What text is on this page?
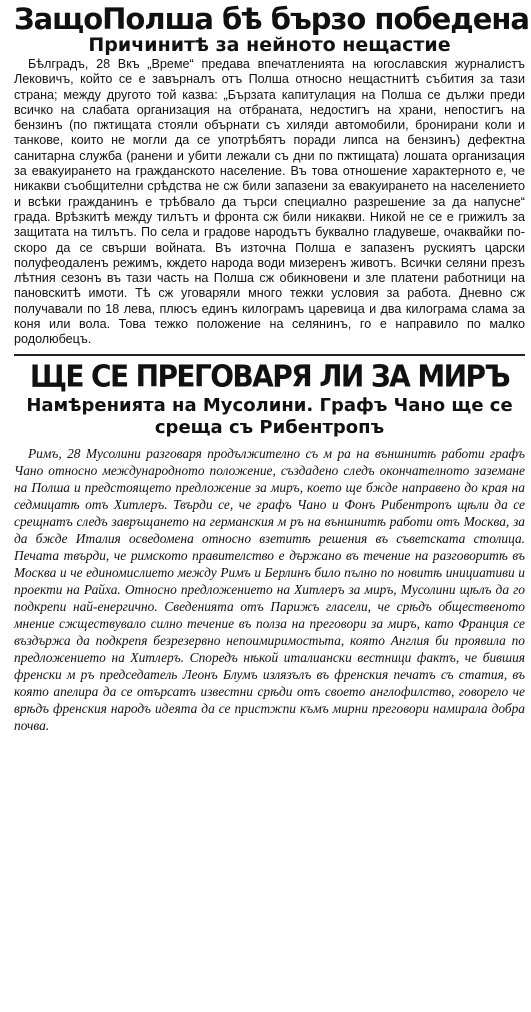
ЗащоПолша бѣ бързо победена
Причинитѣ за нейното нещастие
Бѣлградъ, 28 Вкъ „Време“ предава впечатленията на югославския журналистъ Лековичъ, който се е завърналъ отъ Полша относно нещастнитѣ събития за тази страна; между другото той казва: „Бързата капитулация на Полша се дължи преди всичко на слабата организация на отбраната, недостигъ на храни, непостигъ на бензинъ (по пжтищата стояли обърнати съ хиляди автомобили, бронирани коли и танкове, които не могли да се употрѣбятъ поради липса на бензинъ) дефектна санитарна служба (ранени и убити лежали съ дни по пжтищата) лошата организация за евакуирането на гражданското население. Въ това отношение характерното е, че никакви съобщителни срѣдства не сж били запазени за евакуирането на населението и всѣки гражданинъ е трѣбвало да търси специално разрешение за да напусне“ града. Врѣзкитѣ между тилътъ и фронта сж били никакви. Никой не се е грижилъ за защитата на тилътъ. По села и градове народътъ буквално гладувеше, очаквайки по-скоро да се свърши войната. Въ източна Полша е запазенъ рускиятъ царски полуфеодаленъ режимъ, кждето народа води мизеренъ животъ. Всички селяни презъ лѣтния сезонъ въ тази часть на Полша сж обикновени и зле платени работници на пановскитѣ имоти. Тѣ сж уговаряли много тежки условия за работа. Дневно сж получавали по 18 лева, плюсъ единъ килограмъ царевица и два килограма слама за коня или вола. Това тежко положение на селянинъ, го е направило по малко родолюбецъ.
ЩЕ СЕ ПРЕГОВАРЯ ЛИ ЗА МИРЪ
Намѣренията на Мусолини. Графъ Чано ще се среща съ Рибентропъ
Римъ, 28 Мусолини разговаря продължително съ м ра на външнитѣ работи графъ Чано относно международното положение, създадено следъ окончателното заземане на Полша и предстоящето предложение за миръ, което ще бжде направено до края на седмицатѣ отъ Хитлеръ. Твърди се, че графъ Чано и Фонъ Рибентропъ щѣли да се срещнатъ следъ завръщането на германския м ръ на външнитѣ работи отъ Москва, за да бжде Италия осведомена относно взетитѣ решения въ съветската столица. Печата твърди, че римското правителство е държано въ течение на разговоритѣ въ Москва и че единомислието между Римъ и Берлинъ било пълно по новитѣ инициативи и проекти на Райха. Относно предложението на Хитлеръ за миръ, Мусолини щѣлъ да го подкрепи най-енергично. Сведенията отъ Парижъ гласели, че срѣдъ общественото мнение сжществувало силно течение въ полза на преговори за миръ, като Франция се въздържа да подкрепя безрезервно непоимиримостьта, която Англия би проявила по предложението на Хитлеръ. Споредъ нѣкой италиански вестници фактъ, че бившия френски м ръ председатель Леонъ Блумъ излязълъ въ френския печатъ съ статия, въ която апелира да се отърсатъ известни срѣди отъ своето англофилство, говорело че врѣдъ френския народъ идеята да се пристжпи къмъ мирни преговори намирала добра почва.
